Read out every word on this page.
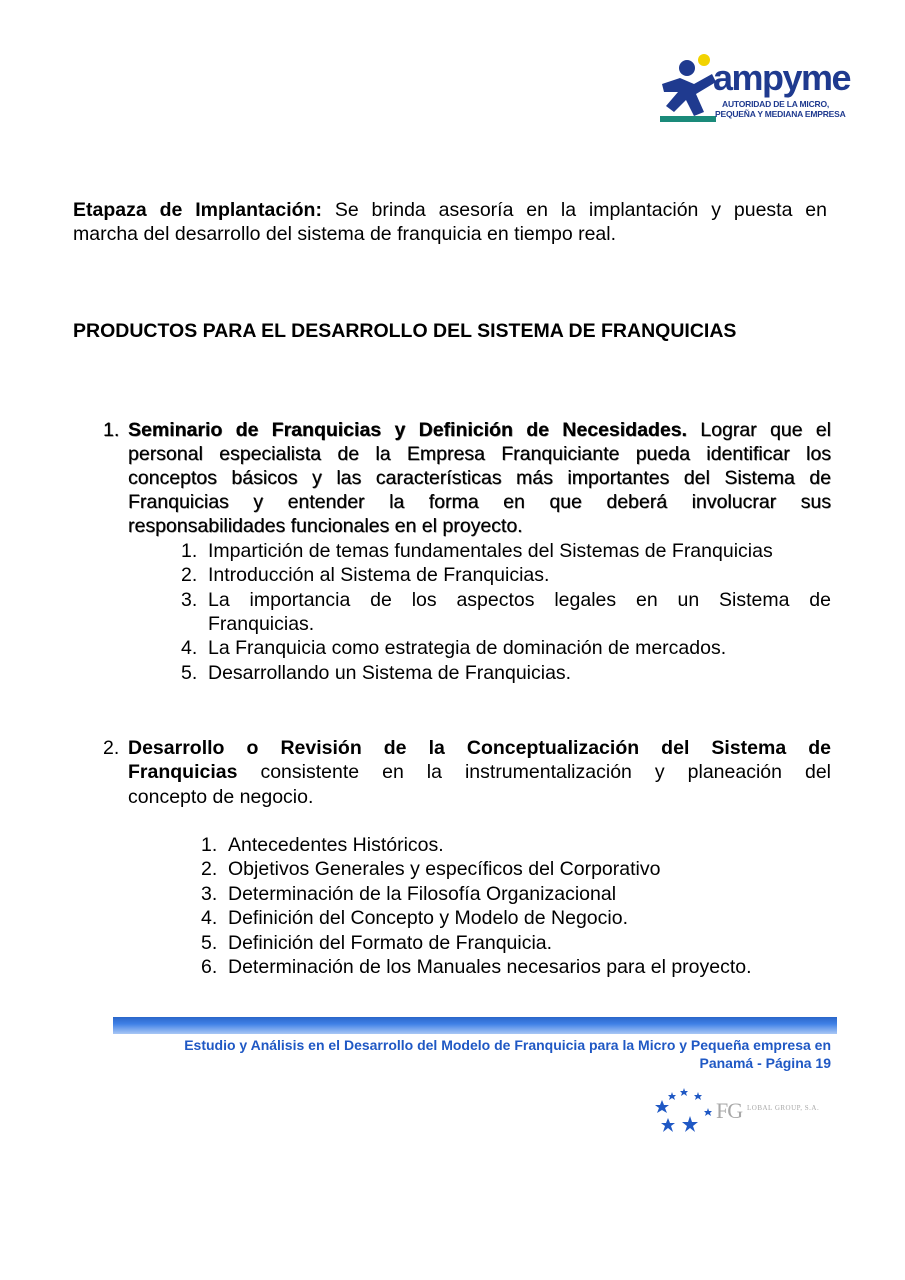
ampyme
AUTORIDAD DE LA MICRO,
PEQUEÑA Y MEDIANA EMPRESA
Etapaza de Implantación: Se brinda asesoría en la implantación y puesta en
marcha del desarrollo del sistema de franquicia en tiempo real.
PRODUCTOS PARA EL DESARROLLO DEL SISTEMA DE FRANQUICIAS
1. Seminario de Franquicias y Definición de Necesidades. Lograr que el
personal especialista de la Empresa Franquiciante pueda identificar los
conceptos básicos y las características más importantes del Sistema de
Franquicias y entender la forma en que deberá involucrar sus
responsabilidades funcionales en el proyecto.
1. Impartición de temas fundamentales del Sistemas de Franquicias
2. Introducción al Sistema de Franquicias.
3. La importancia de los aspectos legales en un Sistema de
Franquicias.
4. La Franquicia como estrategia de dominación de mercados.
5. Desarrollando un Sistema de Franquicias.
2. Desarrollo o Revisión de la Conceptualización del Sistema de
Franquicias consistente en la instrumentalización y planeación del
concepto de negocio.
1. Antecedentes Históricos.
2. Objetivos Generales y específicos del Corporativo
3. Determinación de la Filosofía Organizacional
4. Definición del Concepto y Modelo de Negocio.
5. Definición del Formato de Franquicia.
6. Determinación de los Manuales necesarios para el proyecto.
Estudio y Análisis en el Desarrollo del Modelo de Franquicia para la Micro y Pequeña empresa en
Panamá - Página 19
FG LOBAL GROUP, S.A.
